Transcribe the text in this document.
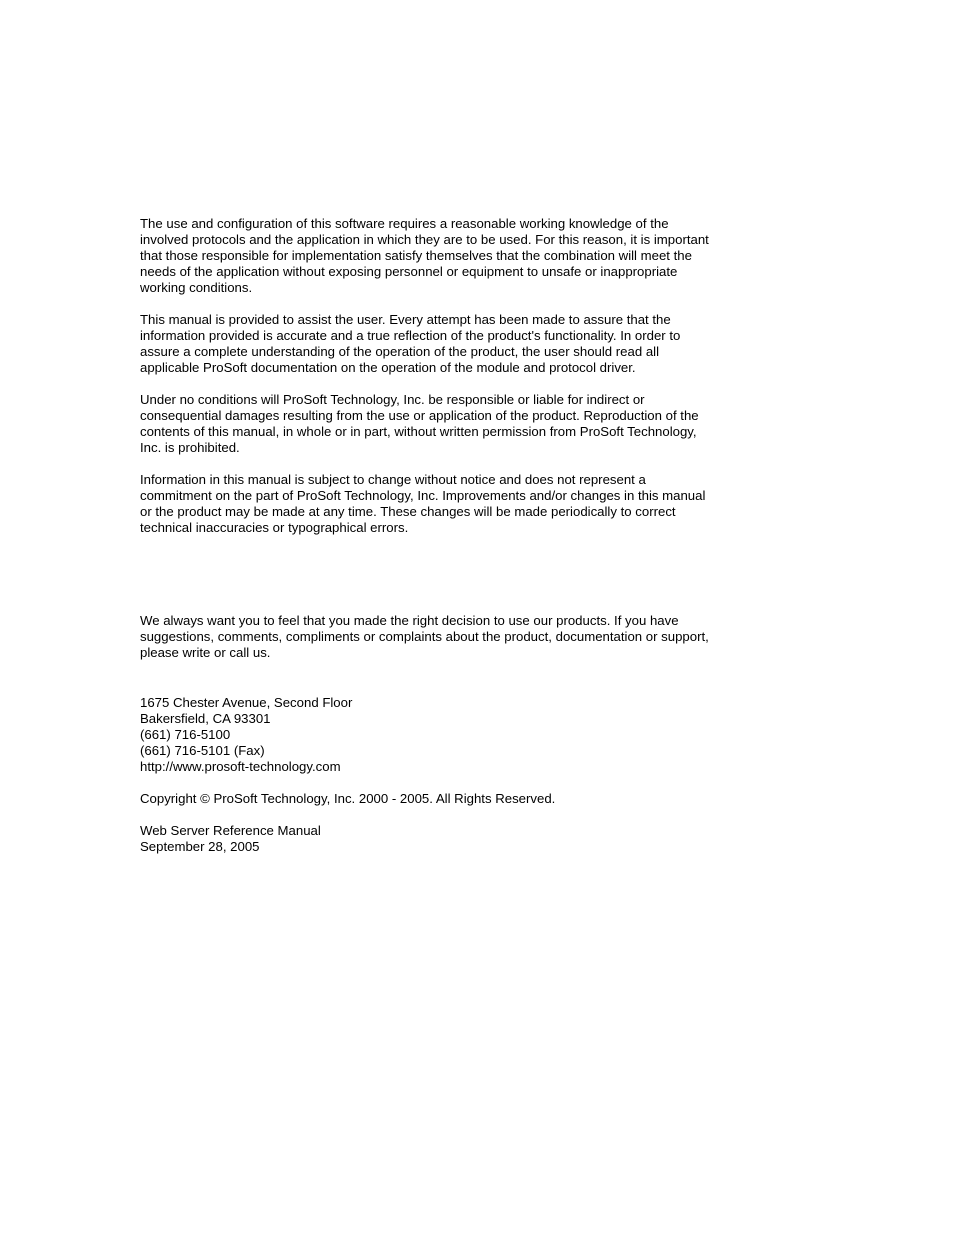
The use and configuration of this software requires a reasonable working knowledge of the
involved protocols and the application in which they are to be used. For this reason, it is important
that those responsible for implementation satisfy themselves that the combination will meet the
needs of the application without exposing personnel or equipment to unsafe or inappropriate
working conditions.

This manual is provided to assist the user. Every attempt has been made to assure that the
information provided is accurate and a true reflection of the product's functionality. In order to
assure a complete understanding of the operation of the product, the user should read all
applicable ProSoft documentation on the operation of the module and protocol driver.

Under no conditions will ProSoft Technology, Inc. be responsible or liable for indirect or
consequential damages resulting from the use or application of the product. Reproduction of the
contents of this manual, in whole or in part, without written permission from ProSoft Technology,
Inc. is prohibited.

Information in this manual is subject to change without notice and does not represent a
commitment on the part of ProSoft Technology, Inc. Improvements and/or changes in this manual
or the product may be made at any time. These changes will be made periodically to correct
technical inaccuracies or typographical errors.

We always want you to feel that you made the right decision to use our products. If you have
suggestions, comments, compliments or complaints about the product, documentation or support,
please write or call us.

1675 Chester Avenue, Second Floor
Bakersfield, CA 93301
(661) 716-5100
(661) 716-5101 (Fax)
http://www.prosoft-technology.com

Copyright © ProSoft Technology, Inc. 2000 - 2005. All Rights Reserved.

Web Server Reference Manual
September 28, 2005
